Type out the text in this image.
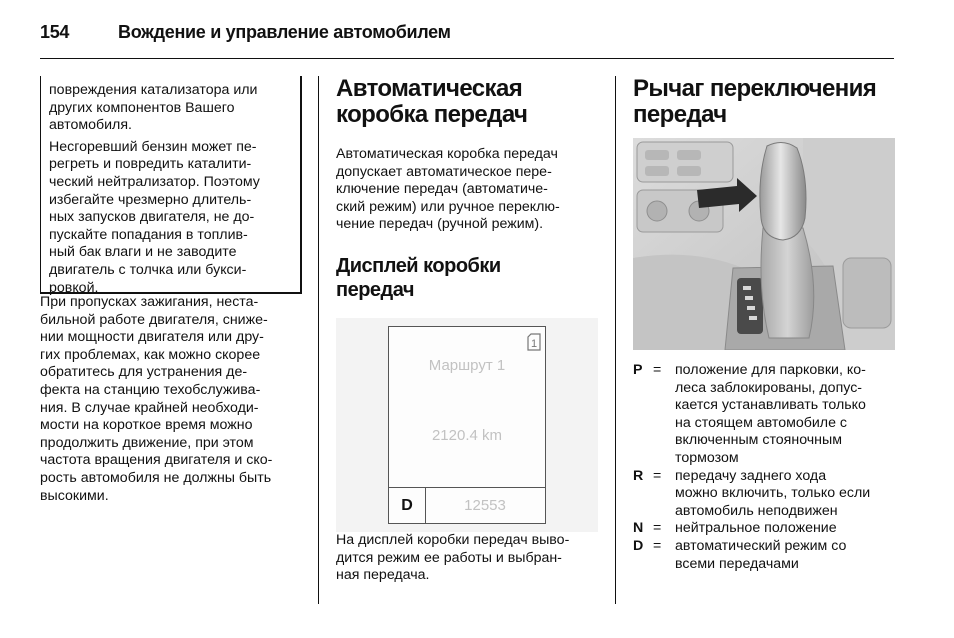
154	Вождение и управление автомобилем

повреждения катализатора или
других компонентов Вашего
автомобиля.

Несгоревший бензин может пе-
регреть и повредить каталити-
ческий нейтрализатор. Поэтому
избегайте чрезмерно длитель-
ных запусков двигателя, не до-
пускайте попадания в топлив-
ный бак влаги и не заводите
двигатель с толчка или букси-
ровкой.

При пропусках зажигания, неста-
бильной работе двигателя, сниже-
нии мощности двигателя или дру-
гих проблемах, как можно скорее
обратитесь для устранения де-
фекта на станцию техобслужива-
ния. В случае крайней необходи-
мости на короткое время можно
продолжить движение, при этом
частота вращения двигателя и ско-
рость автомобиля не должны быть
высокими.

Автоматическая
коробка передач

Автоматическая коробка передач
допускает автоматическое пере-
ключение передач (автоматиче-
ский режим) или ручное переклю-
чение передач (ручной режим).

Дисплей коробки
передач
1
Маршрут 1
2120.4 km
D	12553

На дисплей коробки передач выво-
дится режим ее работы и выбран-
ная передача.

Рычаг переключения
передач
P = положение для парковки, ко-
леса заблокированы, допус-
кается устанавливать только
на стоящем автомобиле с
включенным стояночным
тормозом
R = передачу заднего хода
можно включить, только если
автомобиль неподвижен
N = нейтральное положение
D = автоматический режим со
всеми передачами
